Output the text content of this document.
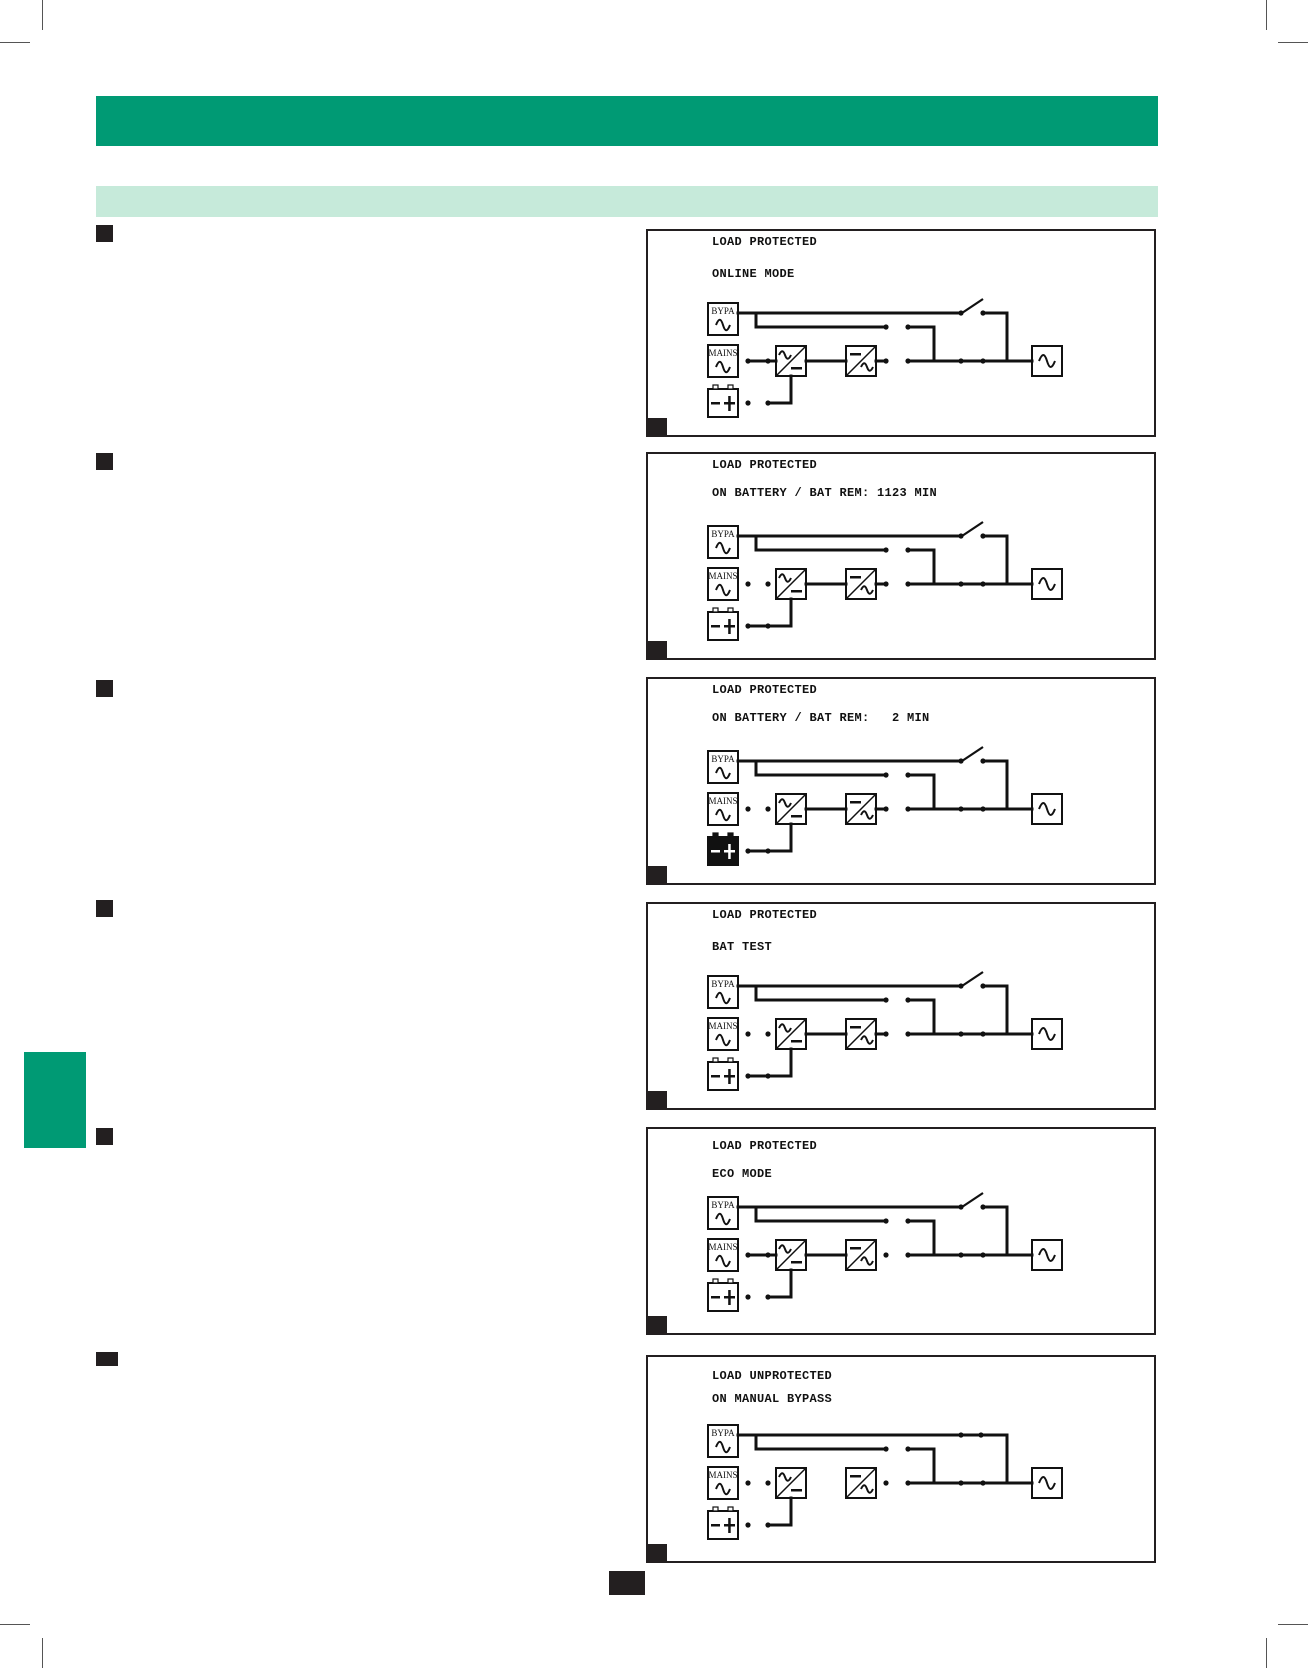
LOAD PROTECTED
ONLINE MODE
BYPA
MAINS
LOAD PROTECTED
ON BATTERY / BAT REM: 1123 MIN
BYPA
MAINS
LOAD PROTECTED
ON BATTERY / BAT REM:   2 MIN
BYPA
MAINS
LOAD PROTECTED
BAT TEST
BYPA
MAINS
LOAD PROTECTED
ECO MODE
BYPA
MAINS
LOAD UNPROTECTED
ON MANUAL BYPASS
BYPA
MAINS
